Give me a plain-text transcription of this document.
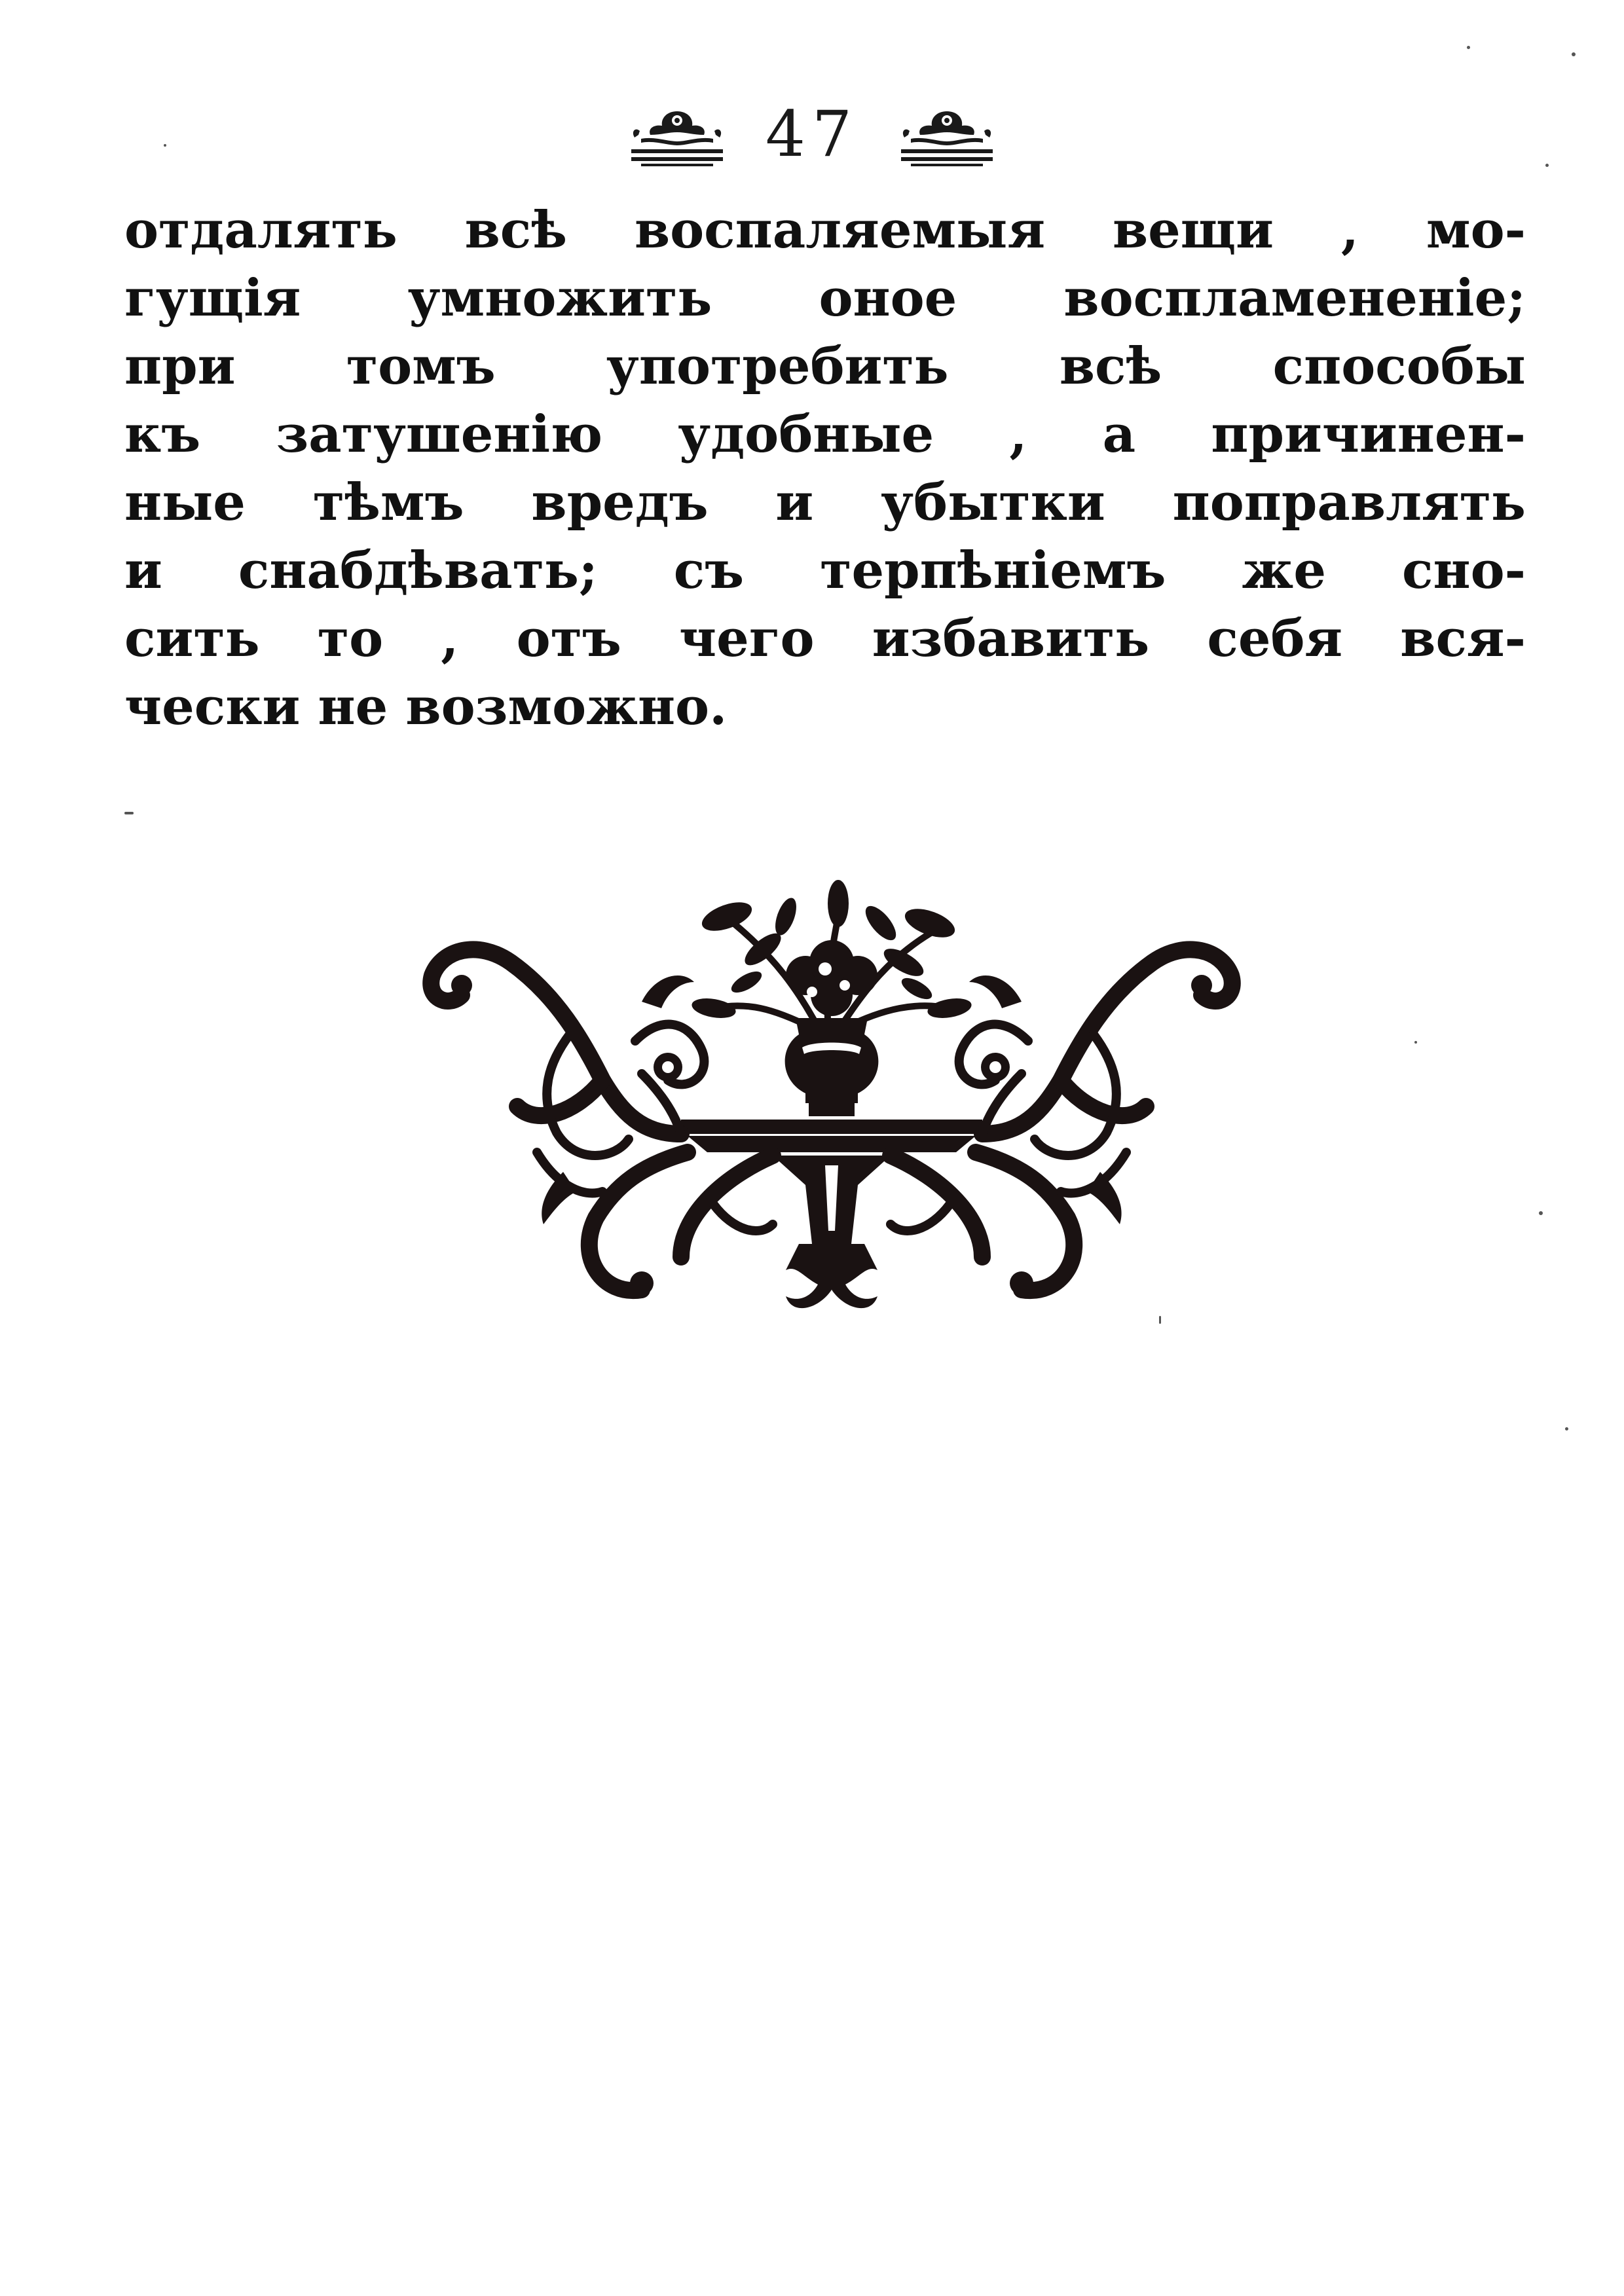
47
отдалять всѣ воспаляемыя вещи , мо-
гущія умножить оное воспламененіе;
при томъ употребить всѣ способы
къ затушенію удобные , а причинен-
ные тѣмъ вредъ и убытки поправлять
и снабдѣвать; съ терпѣніемъ же сно-
сить то , отъ чего избавить себя вся-
чески не возможно.
